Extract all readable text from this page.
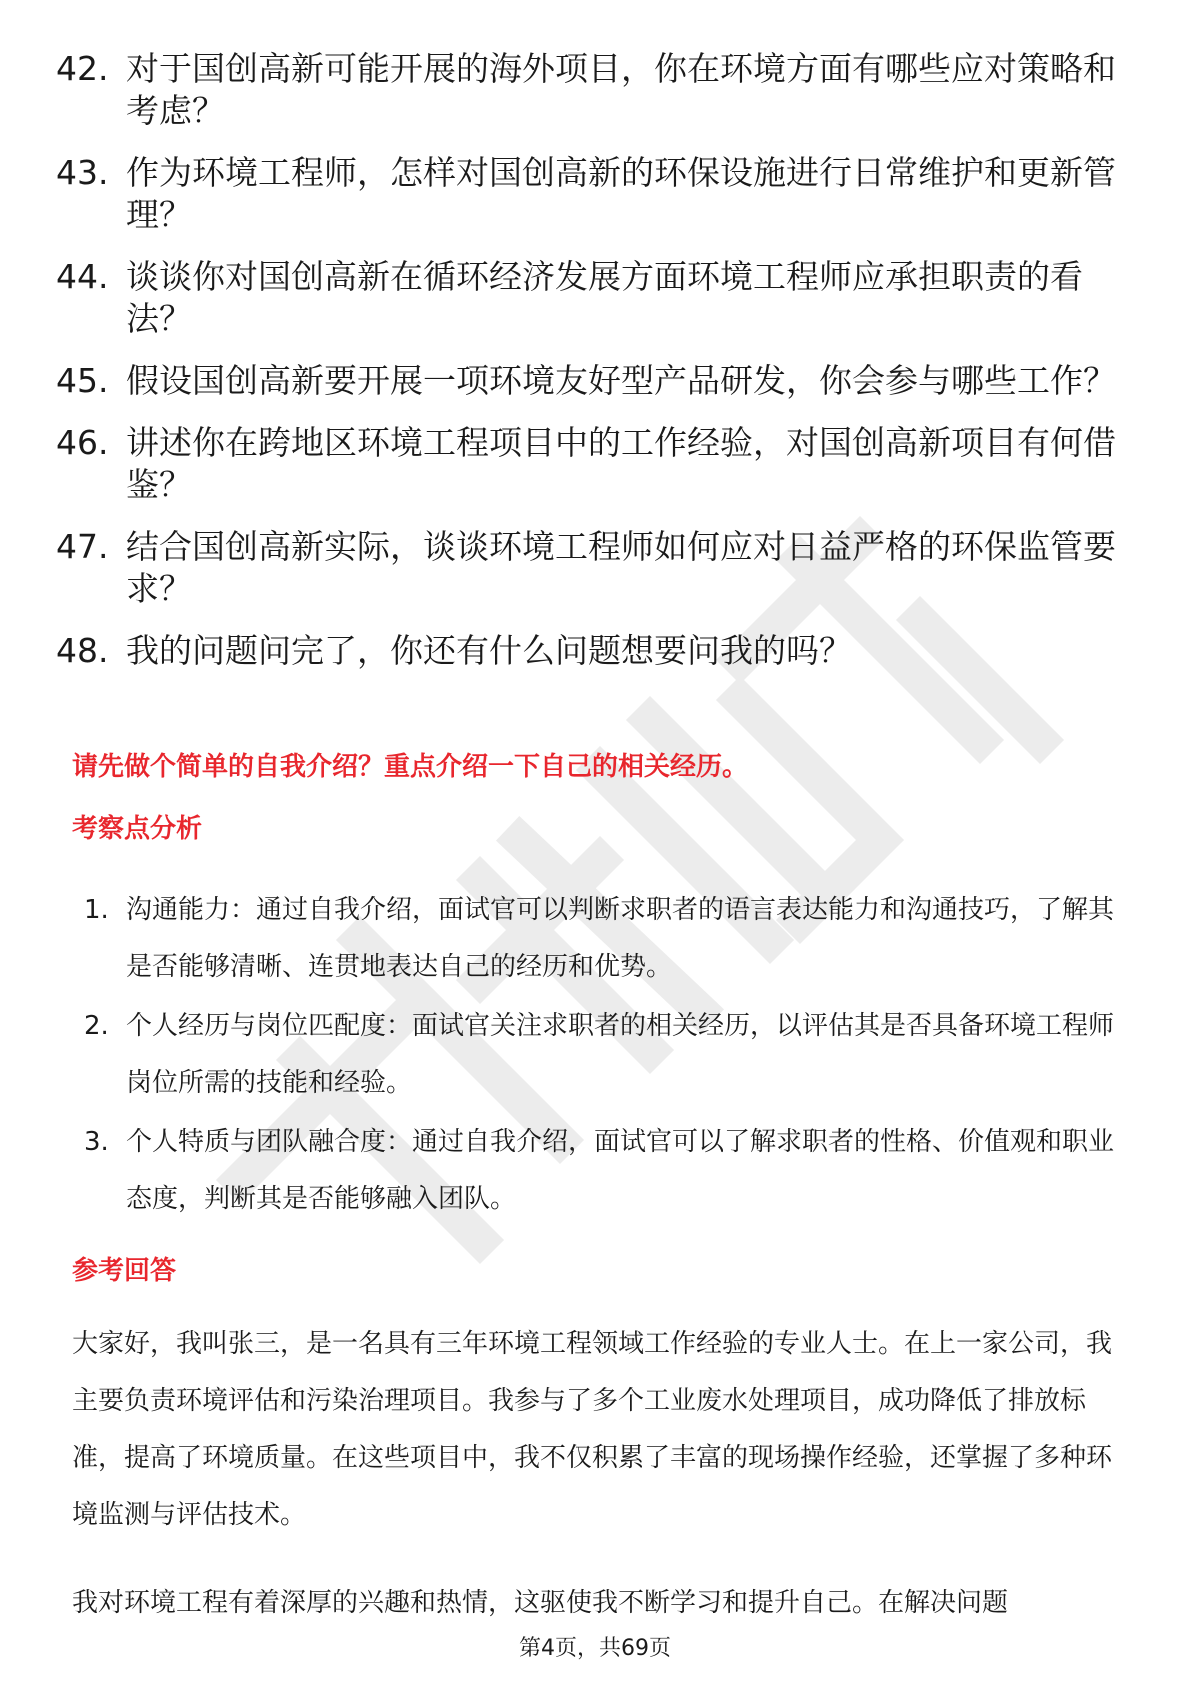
42. 对于国创高新可能开展的海外项目，你在环境方面有哪些应对策略和考虑？
43. 作为环境工程师，怎样对国创高新的环保设施进行日常维护和更新管理？
44. 谈谈你对国创高新在循环经济发展方面环境工程师应承担职责的看法？
45. 假设国创高新要开展一项环境友好型产品研发，你会参与哪些工作？
46. 讲述你在跨地区环境工程项目中的工作经验，对国创高新项目有何借鉴？
47. 结合国创高新实际，谈谈环境工程师如何应对日益严格的环保监管要求？
48. 我的问题问完了，你还有什么问题想要问我的吗？
请先做个简单的自我介绍？重点介绍一下自己的相关经历。
考察点分析
1. 沟通能力：通过自我介绍，面试官可以判断求职者的语言表达能力和沟通技巧，了解其是否能够清晰、连贯地表达自己的经历和优势。
2. 个人经历与岗位匹配度：面试官关注求职者的相关经历，以评估其是否具备环境工程师岗位所需的技能和经验。
3. 个人特质与团队融合度：通过自我介绍，面试官可以了解求职者的性格、价值观和职业态度，判断其是否能够融入团队。
参考回答

大家好，我叫张三，是一名具有三年环境工程领域工作经验的专业人士。在上一家公司，我主要负责环境评估和污染治理项目。我参与了多个工业废水处理项目，成功降低了排放标准，提高了环境质量。在这些项目中，我不仅积累了丰富的现场操作经验，还掌握了多种环境监测与评估技术。

我对环境工程有着深厚的兴趣和热情，这驱使我不断学习和提升自己。在解决问题

第4页，共69页
